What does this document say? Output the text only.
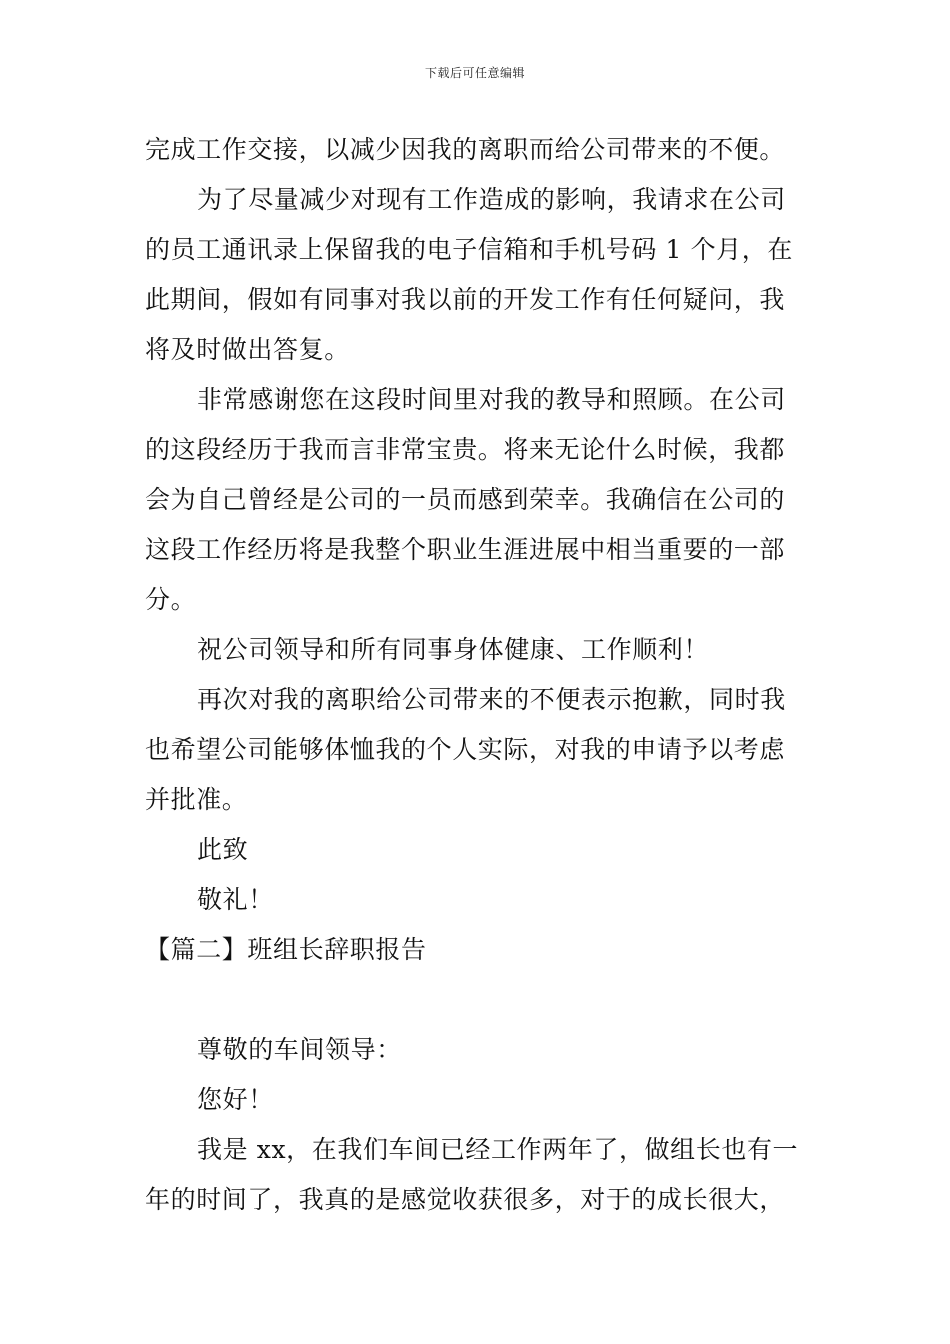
下载后可任意编辑

完成工作交接，以减少因我的离职而给公司带来的不便。

为了尽量减少对现有工作造成的影响，我请求在公司的员工通讯录上保留我的电子信箱和手机号码 1 个月，在此期间，假如有同事对我以前的开发工作有任何疑问，我将及时做出答复。

非常感谢您在这段时间里对我的教导和照顾。在公司的这段经历于我而言非常宝贵。将来无论什么时候，我都会为自己曾经是公司的一员而感到荣幸。我确信在公司的这段工作经历将是我整个职业生涯进展中相当重要的一部分。

祝公司领导和所有同事身体健康、工作顺利！

再次对我的离职给公司带来的不便表示抱歉，同时我也希望公司能够体恤我的个人实际，对我的申请予以考虑并批准。

此致

敬礼！

【篇二】班组长辞职报告

尊敬的车间领导：

您好！

我是 xx，在我们车间已经工作两年了，做组长也有一年的时间了，我真的是感觉收获很多，对于的成长很大，
